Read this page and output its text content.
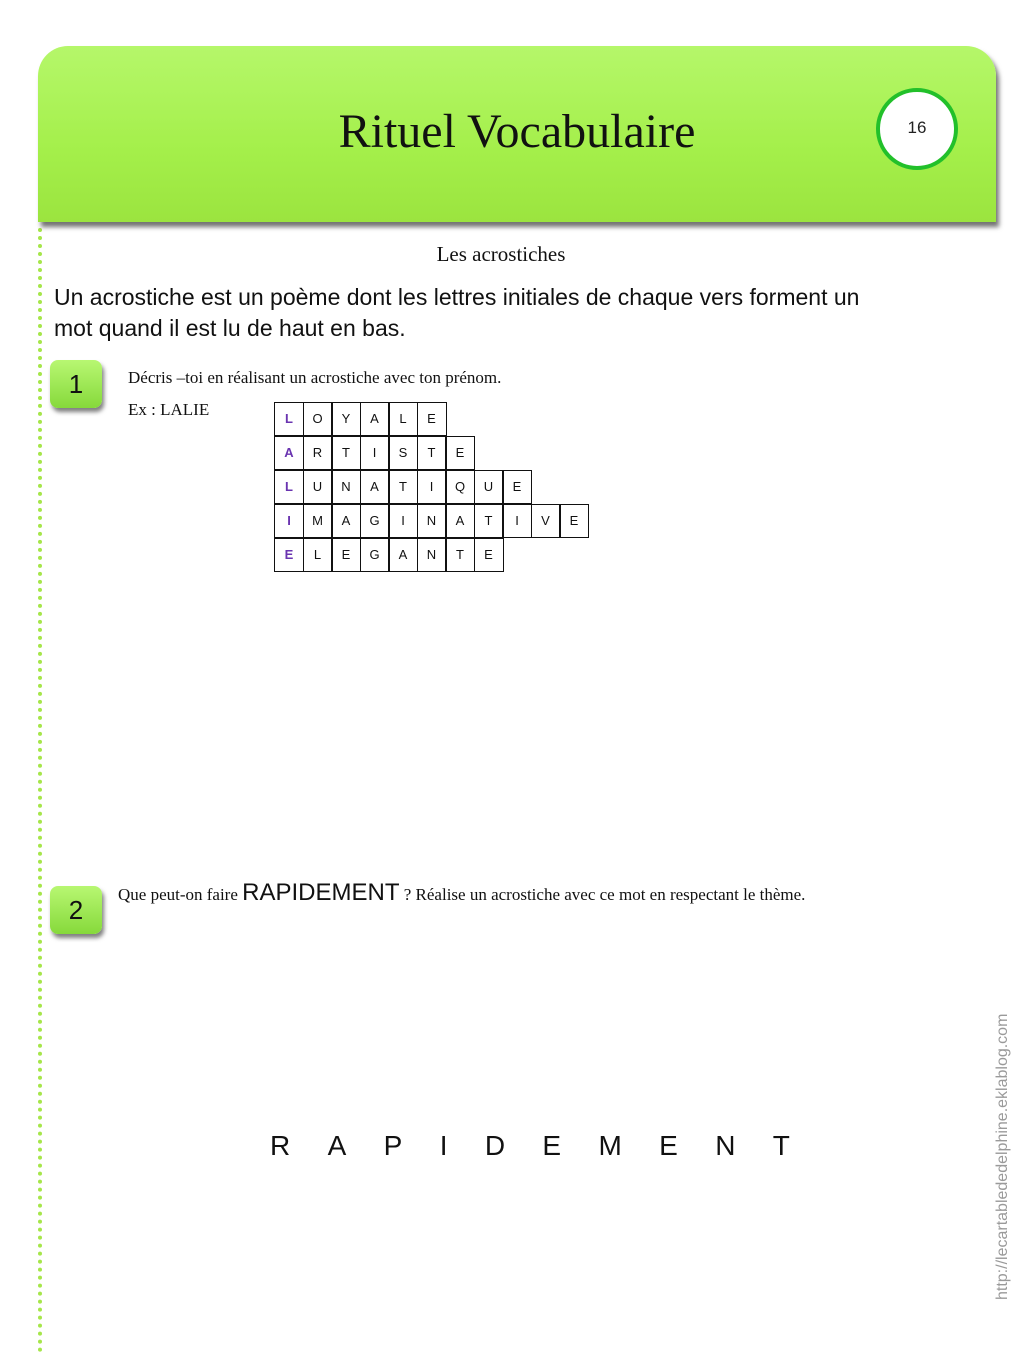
Rituel Vocabulaire	16
Les acrostiches
Un acrostiche est un poème dont les lettres initiales de chaque vers forment un mot quand il est lu de haut en bas.
1	Décris –toi en réalisant un acrostiche avec ton prénom.
Ex : LALIE	L	O	Y	A	L	E
A	R	T	I	S	T	E
L	U	N	A	T	I	Q	U	E
I	M	A	G	I	N	A	T	I	V	E
E	L	E	G	A	N	T	E
2
Que peut-on faire RAPIDEMENT ? Réalise un acrostiche avec ce mot en respectant le thème.
R A P I D E M E N T	http://lecartablededelphine.eklablog.com
